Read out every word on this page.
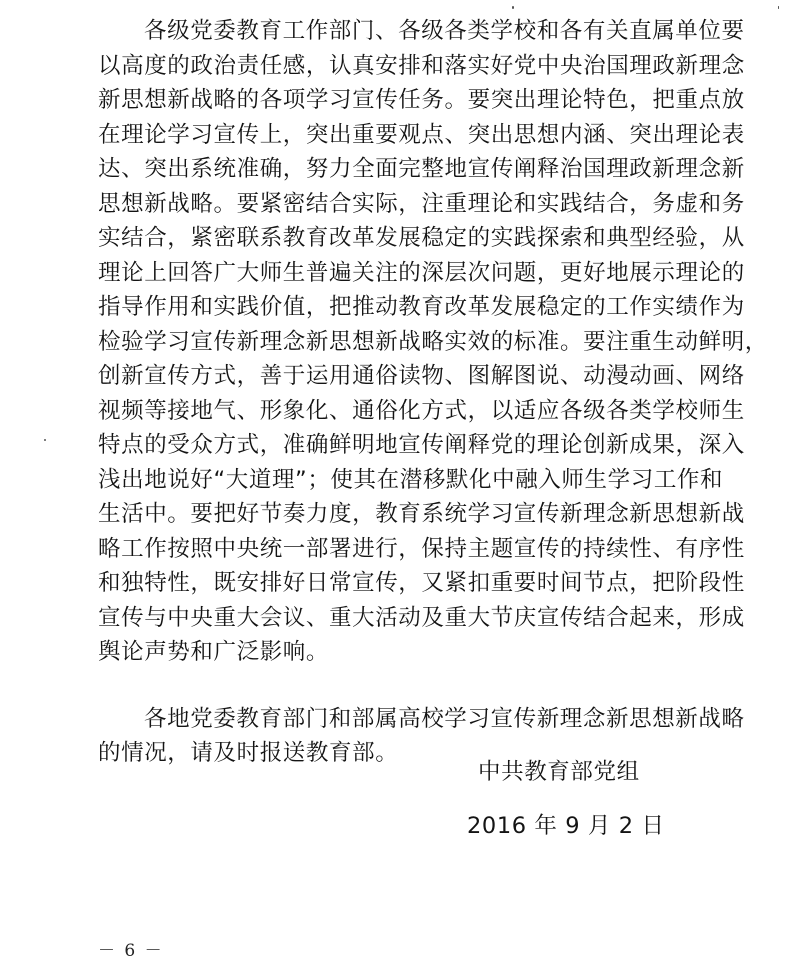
各级党委教育工作部门、各级各类学校和各有关直属单位要
以高度的政治责任感，认真安排和落实好党中央治国理政新理念
新思想新战略的各项学习宣传任务。要突出理论特色，把重点放
在理论学习宣传上，突出重要观点、突出思想内涵、突出理论表
达、突出系统准确，努力全面完整地宣传阐释治国理政新理念新
思想新战略。要紧密结合实际，注重理论和实践结合，务虚和务
实结合，紧密联系教育改革发展稳定的实践探索和典型经验，从
理论上回答广大师生普遍关注的深层次问题，更好地展示理论的
指导作用和实践价值，把推动教育改革发展稳定的工作实绩作为
检验学习宣传新理念新思想新战略实效的标准。要注重生动鲜明，
创新宣传方式，善于运用通俗读物、图解图说、动漫动画、网络
视频等接地气、形象化、通俗化方式，以适应各级各类学校师生
特点的受众方式，准确鲜明地宣传阐释党的理论创新成果，深入
浅出地说好“大道理”；使其在潜移默化中融入师生学习工作和
生活中。要把好节奏力度，教育系统学习宣传新理念新思想新战
略工作按照中央统一部署进行，保持主题宣传的持续性、有序性
和独特性，既安排好日常宣传，又紧扣重要时间节点，把阶段性
宣传与中央重大会议、重大活动及重大节庆宣传结合起来，形成
舆论声势和广泛影响。
各地党委教育部门和部属高校学习宣传新理念新思想新战略
的情况，请及时报送教育部。
中共教育部党组
2016 年 9 月 2 日
－ 6 －
